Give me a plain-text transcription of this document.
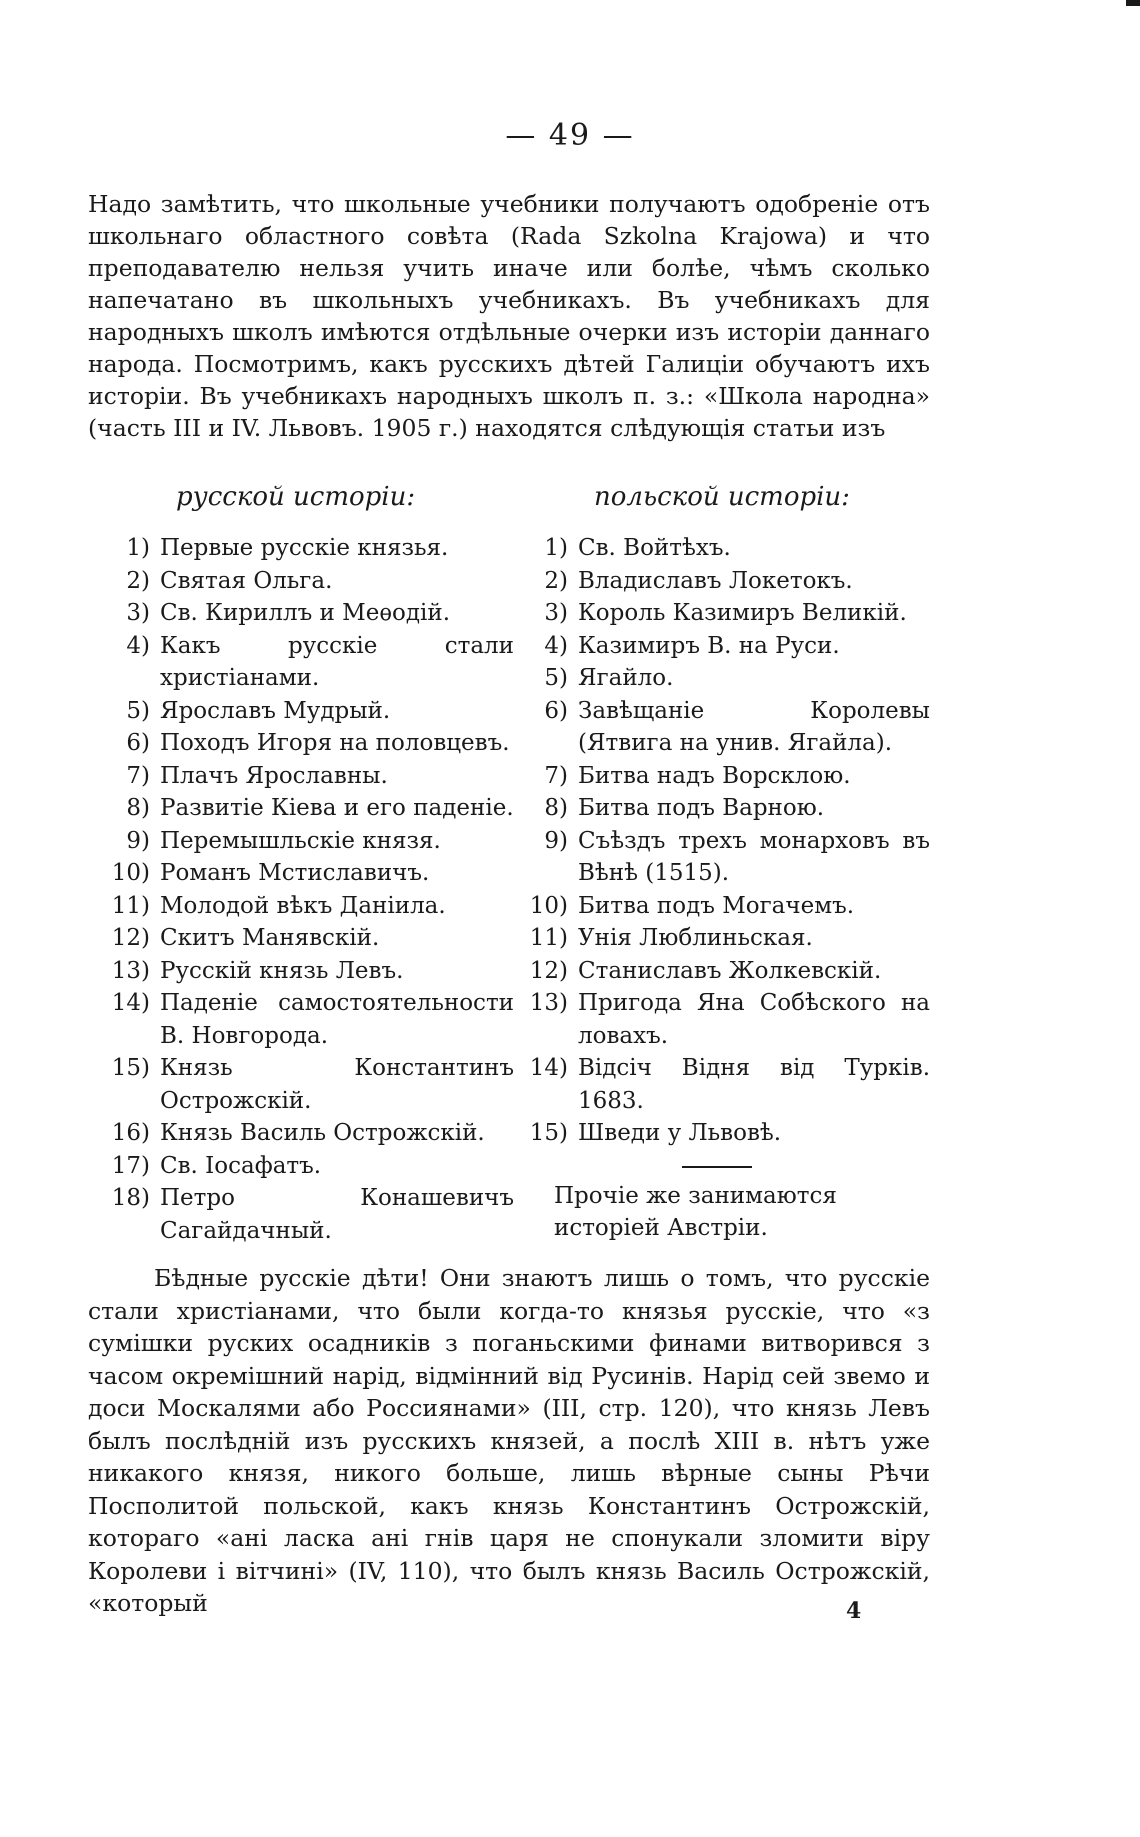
— 49 —

Надо замѣтить, что школьные учебники получаютъ одобреніе отъ школьнаго областного совѣта (Rada Szkolna Krajowa) и что преподавателю нельзя учить иначе или болѣе, чѣмъ сколько напечатано въ школьныхъ учебникахъ. Въ учебникахъ для народныхъ школъ имѣются отдѣльные очерки изъ исторіи даннаго народа. Посмотримъ, какъ русскихъ дѣтей Галиціи обучаютъ ихъ исторіи. Въ учебникахъ народныхъ школъ п. з.: «Школа народна» (часть III и IV. Львовъ. 1905 г.) находятся слѣдующія статьи изъ

русской исторіи:	польской исторіи:
1) Первые русскіе князья.
2) Святая Ольга.
3) Св. Кириллъ и Меѳодій.
4) Какъ русскіе стали христіанами.
5) Ярославъ Мудрый.
6) Походъ Игоря на половцевъ.
7) Плачъ Ярославны.
8) Развитіе Кіева и его паденіе.
9) Перемышльскіе князя.
10) Романъ Мстиславичъ.
11) Молодой вѣкъ Даніила.
12) Скитъ Манявскій.
13) Русскій князь Левъ.
14) Паденіе самостоятельности В. Новгорода.
15) Князь Константинъ Острожскій.
16) Князь Василь Острожскій.
17) Св. Іосафатъ.
18) Петро Конашевичъ Сагайдачный.
1) Св. Войтѣхъ.
2) Владиславъ Локетокъ.
3) Король Казимиръ Великій.
4) Казимиръ В. на Руси.
5) Ягайло.
6) Завѣщаніе Королевы (Ятвига на унив. Ягайла).
7) Битва надъ Ворсклою.
8) Битва подъ Варною.
9) Съѣздъ трехъ монарховъ въ Вѣнѣ (1515).
10) Битва подъ Могачемъ.
11) Унія Люблиньская.
12) Станиславъ Жолкевскій.
13) Пригода Яна Собѣского на ловахъ.
14) Відсіч Відня від Турків. 1683.
15) Шведи у Львовѣ.

Прочіе же занимаются исторіей Австріи.

Бѣдные русскіе дѣти! Они знаютъ лишь о томъ, что русскіе стали христіанами, что были когда-то князья русскіе, что «з сумішки руских осадників з поганьскими финами витворився з часом окремішний нарід, відмінний від Русинів. Нарід сей звемо и доси Москалями або Россиянами» (III, стр. 120), что князь Левъ былъ послѣдній изъ русскихъ князей, а послѣ XIII в. нѣтъ уже никакого князя, никого больше, лишь вѣрные сыны Рѣчи Посполитой польской, какъ князь Константинъ Острожскій, котораго «ані ласка ані гнів царя не спонукали зломити віру Королеви і вітчині» (IV, 110), что былъ князь Василь Острожскій, «который	4
